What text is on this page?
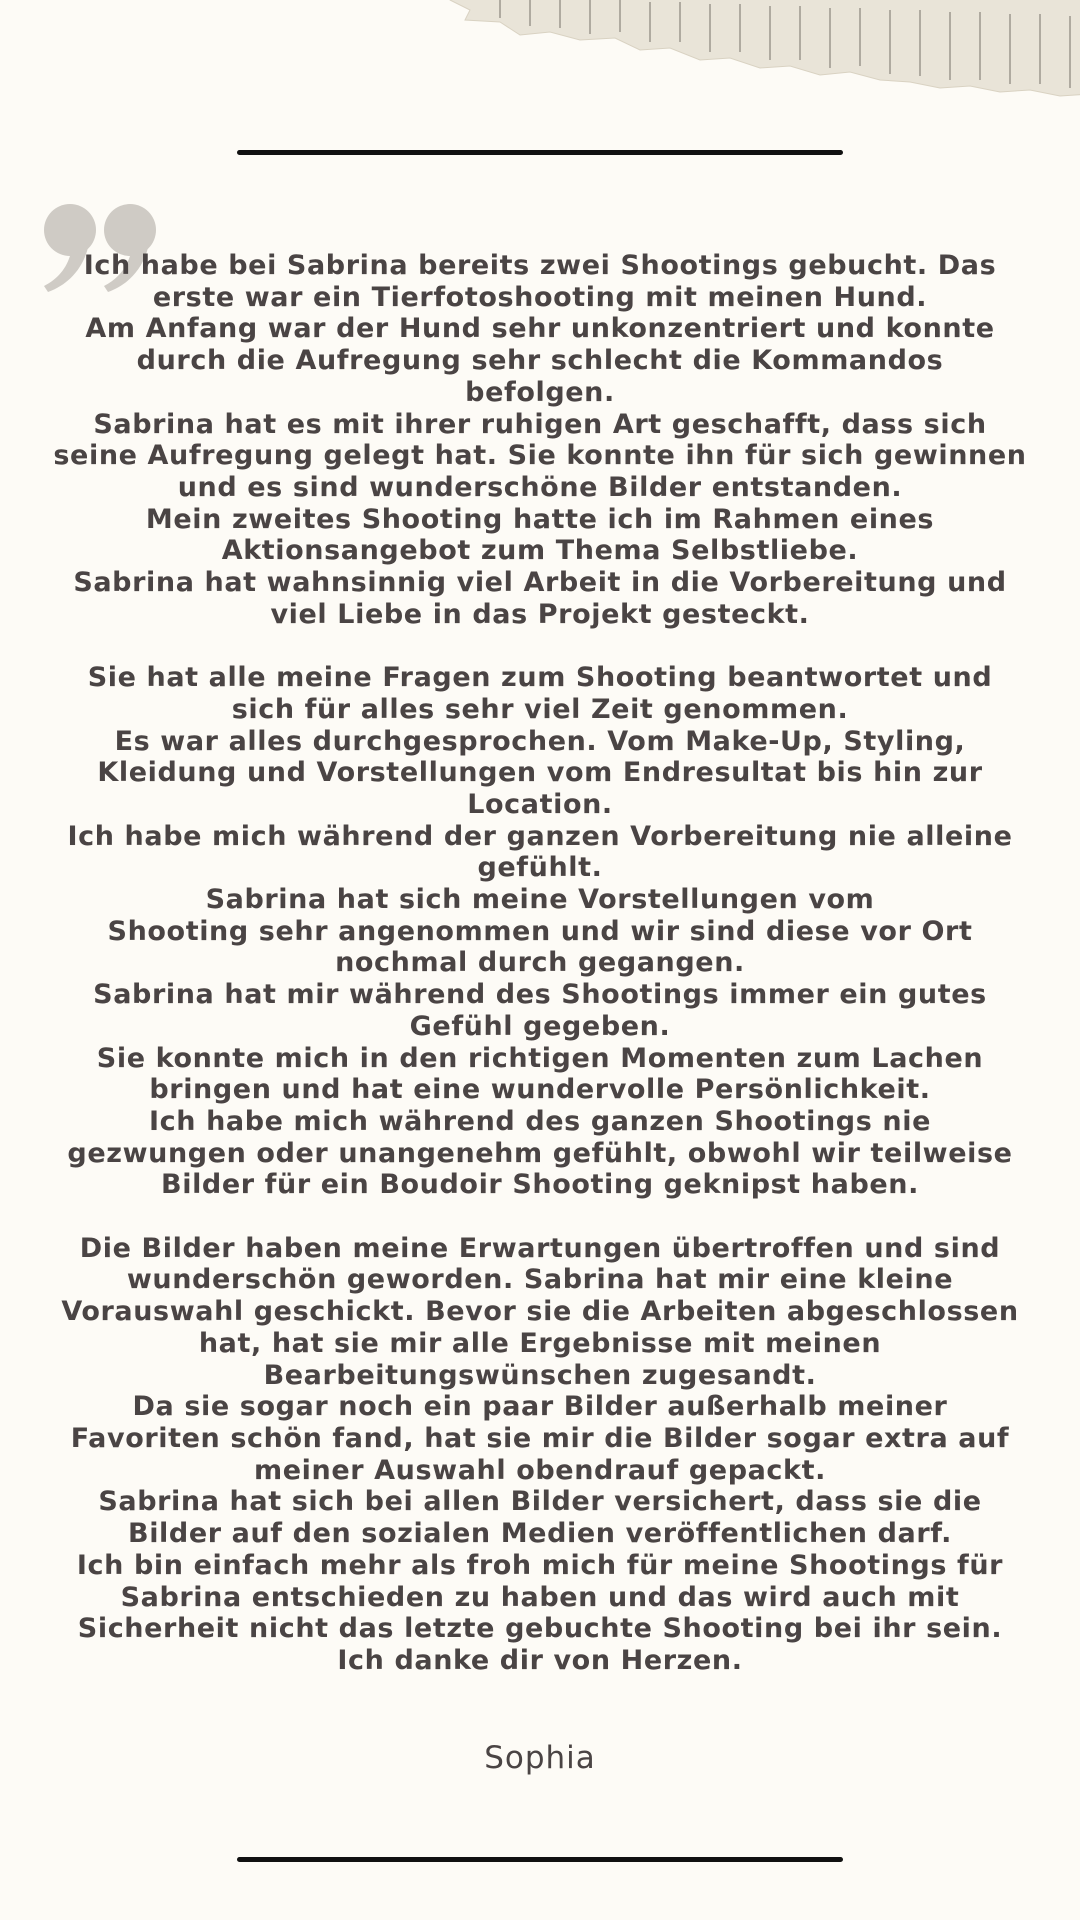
Ich habe bei Sabrina bereits zwei Shootings gebucht. Das

erste war ein Tierfotoshooting mit meinen Hund.

Am Anfang war der Hund sehr unkonzentriert und konnte

durch die Aufregung sehr schlecht die Kommandos

befolgen.

Sabrina hat es mit ihrer ruhigen Art geschafft, dass sich

seine Aufregung gelegt hat. Sie konnte ihn für sich gewinnen

und es sind wunderschöne Bilder entstanden.

Mein zweites Shooting hatte ich im Rahmen eines

Aktionsangebot zum Thema Selbstliebe.

Sabrina hat wahnsinnig viel Arbeit in die Vorbereitung und

viel Liebe in das Projekt gesteckt.

Sie hat alle meine Fragen zum Shooting beantwortet und

sich für alles sehr viel Zeit genommen.

Es war alles durchgesprochen. Vom Make-Up, Styling,

Kleidung und Vorstellungen vom Endresultat bis hin zur

Location.

Ich habe mich während der ganzen Vorbereitung nie alleine

gefühlt.

Sabrina hat sich meine Vorstellungen vom

Shooting sehr angenommen und wir sind diese vor Ort

nochmal durch gegangen.

Sabrina hat mir während des Shootings immer ein gutes

Gefühl gegeben.

Sie konnte mich in den richtigen Momenten zum Lachen

bringen und hat eine wundervolle Persönlichkeit.

Ich habe mich während des ganzen Shootings nie

gezwungen oder unangenehm gefühlt, obwohl wir teilweise

Bilder für ein Boudoir Shooting geknipst haben.

Die Bilder haben meine Erwartungen übertroffen und sind

wunderschön geworden. Sabrina hat mir eine kleine

Vorauswahl geschickt. Bevor sie die Arbeiten abgeschlossen

hat, hat sie mir alle Ergebnisse mit meinen

Bearbeitungswünschen zugesandt.

Da sie sogar noch ein paar Bilder außerhalb meiner

Favoriten schön fand, hat sie mir die Bilder sogar extra auf

meiner Auswahl obendrauf gepackt.

Sabrina hat sich bei allen Bilder versichert, dass sie die

Bilder auf den sozialen Medien veröffentlichen darf.

Ich bin einfach mehr als froh mich für meine Shootings für

Sabrina entschieden zu haben und das wird auch mit

Sicherheit nicht das letzte gebuchte Shooting bei ihr sein.

Ich danke dir von Herzen.

Sophia
